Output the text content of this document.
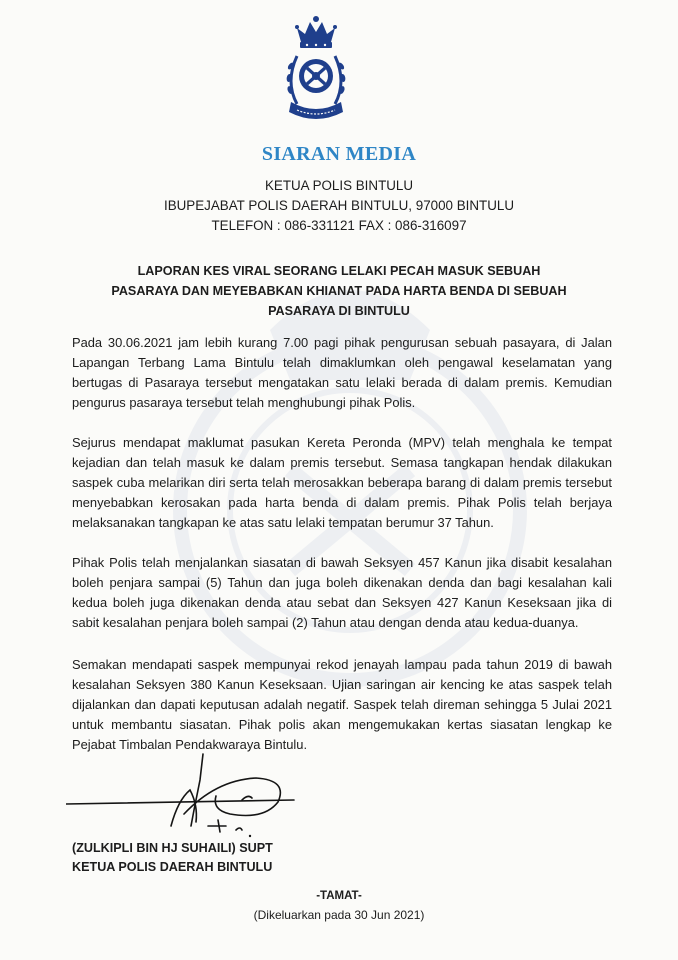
SIARAN MEDIA
KETUA POLIS BINTULU
IBUPEJABAT POLIS DAERAH BINTULU, 97000 BINTULU
TELEFON : 086-331121 FAX : 086-316097
LAPORAN KES VIRAL SEORANG LELAKI PECAH MASUK SEBUAH
PASARAYA DAN MEYEBABKAN KHIANAT PADA HARTA BENDA DI SEBUAH
PASARAYA DI BINTULU

Pada 30.06.2021 jam lebih kurang 7.00 pagi pihak pengurusan sebuah pasayara, di Jalan Lapangan Terbang Lama Bintulu telah dimaklumkan oleh pengawal keselamatan yang bertugas di Pasaraya tersebut mengatakan satu lelaki berada di dalam premis. Kemudian pengurus pasaraya tersebut telah menghubungi pihak Polis.

Sejurus mendapat maklumat pasukan Kereta Peronda (MPV) telah menghala ke tempat kejadian dan telah masuk ke dalam premis tersebut. Semasa tangkapan hendak dilakukan saspek cuba melarikan diri serta telah merosakkan beberapa barang di dalam premis tersebut menyebabkan kerosakan pada harta benda di dalam premis. Pihak Polis telah berjaya melaksanakan tangkapan ke atas satu lelaki tempatan berumur 37 Tahun.

Pihak Polis telah menjalankan siasatan di bawah Seksyen 457 Kanun jika disabit kesalahan boleh penjara sampai (5) Tahun dan juga boleh dikenakan denda dan bagi kesalahan kali kedua boleh juga dikenakan denda atau sebat dan Seksyen 427 Kanun Keseksaan jika di sabit kesalahan penjara boleh sampai (2) Tahun atau dengan denda atau kedua-duanya.

Semakan mendapati saspek mempunyai rekod jenayah lampau pada tahun 2019 di bawah kesalahan Seksyen 380 Kanun Keseksaan. Ujian saringan air kencing ke atas saspek telah dijalankan dan dapati keputusan adalah negatif. Saspek telah direman sehingga 5 Julai 2021 untuk membantu siasatan. Pihak polis akan mengemukakan kertas siasatan lengkap ke Pejabat Timbalan Pendakwaraya Bintulu.

(ZULKIPLI BIN HJ SUHAILI) SUPT
KETUA POLIS DAERAH BINTULU
-TAMAT-
(Dikeluarkan pada 30 Jun 2021)
